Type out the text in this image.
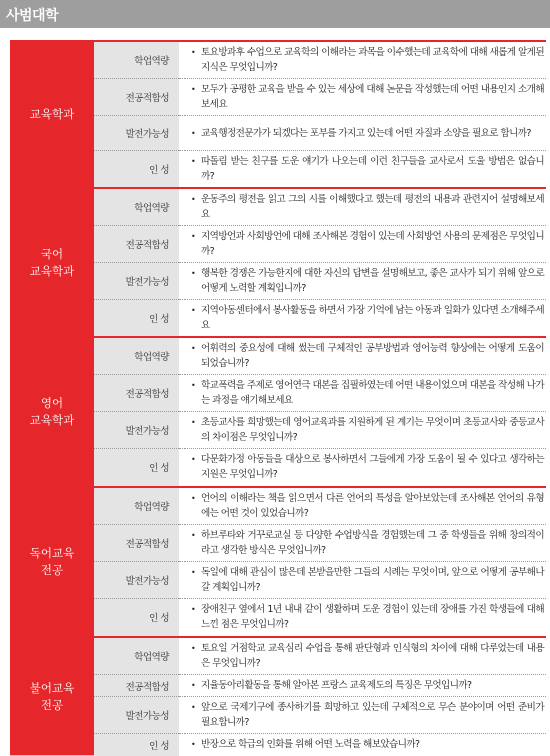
사범대학
교육학과	학업역량		• 토요방과후 수업으로 교육학의 이해라는 과목을 이수했는데 교육학에 대해 새롭게 알게된 지식은 무엇입니까?

	전공적합성		• 모두가 공평한 교육을 받을 수 있는 세상에 대해 논문을 작성했는데 어떤 내용인지 소개해보세요

	발전가능성		• 교육행정전문가가 되겠다는 포부를 가지고 있는데 어떤 자질과 소양을 필요로 합니까?

	인 성		• 따돌림 받는 친구를 도운 얘기가 나오는데 이런 친구들을 교사로서 도울 방법은 없습니까?

국어
교육학과	학업역량		• 운동주의 평전을 읽고 그의 시를 이해했다고 했는데 평전의 내용과 관련지어 설명해보세요

	전공적합성		• 지역방언과 사회방언에 대해 조사해본 경험이 있는데 사회방언 사용의 문제점은 무엇입니까?

	발전가능성		• 행복한 경쟁은 가능한지에 대한 자신의 답변을 설명해보고, 좋은 교사가 되기 위해 앞으로 어떻게 노력할 계획입니까?

	인 성		• 지역아동센터에서 봉사활동을 하면서 가장 기억에 남는 아동과 일화가 있다면 소개해주세요

영어
교육학과	학업역량		• 어휘력의 중요성에 대해 썼는데 구체적인 공부방법과 영어능력 향상에는 어떻게 도움이 되었습니까?

	전공적합성		• 학교폭력을 주제로 영어연극 대본을 집필하였는데 어떤 내용이었으며 대본을 작성해 나가는 과정을 얘기해보세요

	발전가능성		• 초등교사를 희망했는데 영어교육과를 지원하게 된 계기는 무엇이며 초등교사와 중등교사의 차이점은 무엇입니까?

	인 성		• 다문화가정 아동들을 대상으로 봉사하면서 그들에게 가장 도움이 될 수 있다고 생각하는 지원은 무엇입니까?

독어교육
전공	학업역량		• 언어의 이해라는 책을 읽으면서 다른 언어의 특성을 알아보았는데 조사해본 언어의 유형에는 어떤 것이 있었습니까?

	전공적합성		• 하브루타와 거꾸로교실 등 다양한 수업방식을 경험했는데 그 중 학생들을 위해 창의적이라고 생각한 방식은 무엇입니까?

	발전가능성		• 독일에 대해 관심이 많은데 본받을만한 그들의 시례는 무엇이며, 앞으로 어떻게 공부해나갈 계획입니까?

	인 성		• 장애친구 옆에서 1년 내내 같이 생활하며 도운 경험이 있는데 장애를 가진 학생들에 대해 느낀 점은 무엇입니까?

불어교육
전공	학업역량		• 토요일 거점학교 교육심리 수업을 통해 판단형과 인식형의 차이에 대해 다루었는데 내용은 무엇입니까?

	전공적합성		• 지율동아리활동을 통해 알아본 프랑스 교육제도의 특징은 무엇입니까?

	발전가능성		• 앞으로 국제기구에 종사하기를 희망하고 있는데 구체적으로 무슨 분야이며 어떤 준비가 필요합니까?

	인 성		• 반장으로 학급의 인화를 위해 어떤 노력을 해보았습니까?
